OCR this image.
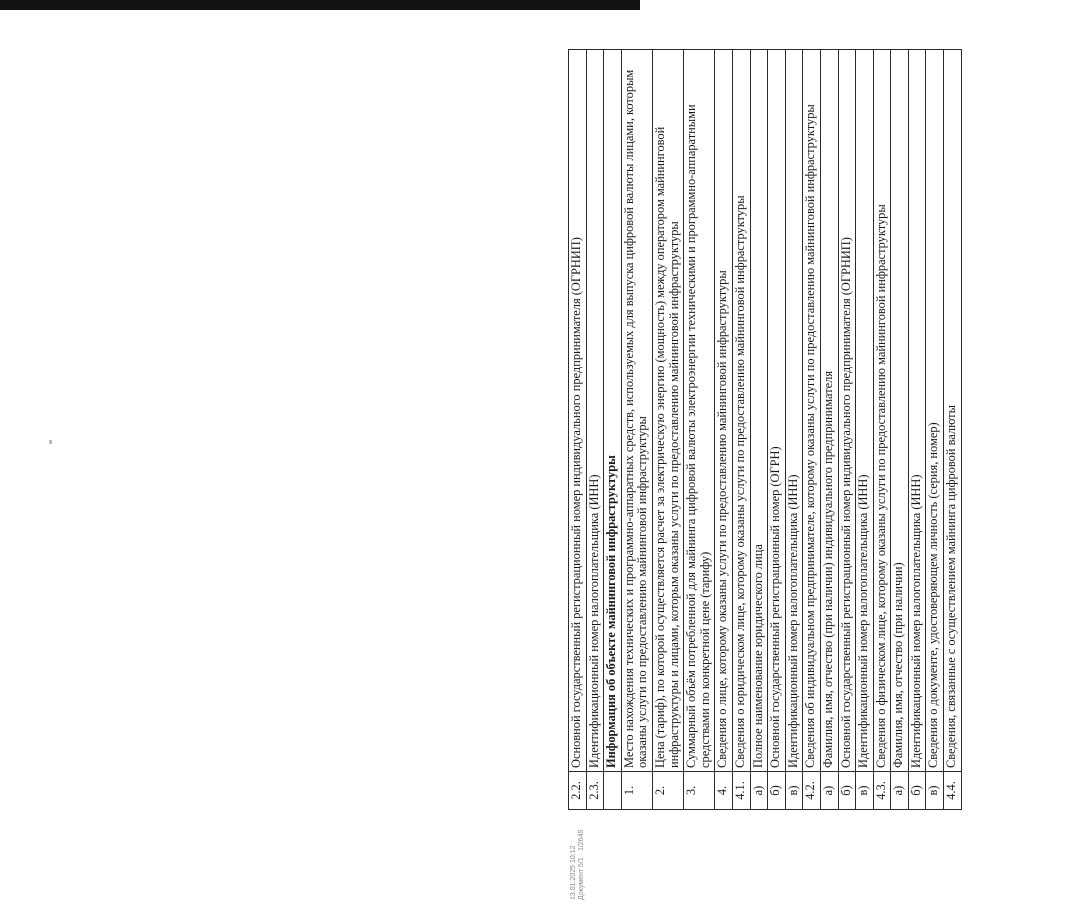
2.2.	Основной государственный регистрационный номер индивидуального предпринимателя (ОГРНИП)
2.3.	Идентификационный номер налогоплательщика (ИНН)
	Информация об объекте майнинговой инфраструктуры
1.	Место нахождения технических и программно-аппаратных средств, используемых для выпуска цифровой валюты лицами, которым оказаны услуги по предоставлению майнинговой инфраструктуры
2.	Цена (тариф), по которой осуществляется расчет за электрическую энергию (мощность) между оператором майнинговой инфраструктуры и лицами, которым оказаны услуги по предоставлению майнинговой инфраструктуры
3.	Суммарный объём потребленной для майнинга цифровой валюты электроэнергии техническими и программно-аппаратными средствами по конкретной цене (тарифу)
4.	Сведения о лице, которому оказаны услуги по предоставлению майнинговой инфраструктуры
4.1.	Сведения о юридическом лице, которому оказаны услуги по предоставлению майнинговой инфраструктуры
а)	Полное наименование юридического лица
б)	Основной государственный регистрационный номер (ОГРН)
в)	Идентификационный номер налогоплательщика (ИНН)
4.2.	Сведения об индивидуальном предпринимателе, которому оказаны услуги по предоставлению майнинговой инфраструктуры
а)	Фамилия, имя, отчество (при наличии) индивидуального предпринимателя
б)	Основной государственный регистрационный номер индивидуального предпринимателя (ОГРНИП)
в)	Идентификационный номер налогоплательщика (ИНН)
4.3.	Сведения о физическом лице, которому оказаны услуги по предоставлению майнинговой инфраструктуры
а)	Фамилия, имя, отчество (при наличии)
б)	Идентификационный номер налогоплательщика (ИНН)
в)	Сведения о документе, удостоверяющем личность (серия, номер)
4.4.	Сведения, связанные с осуществлением майнинга цифровой валюты
13.01.2025 10:12 Документ 5/1 · 1/2645
